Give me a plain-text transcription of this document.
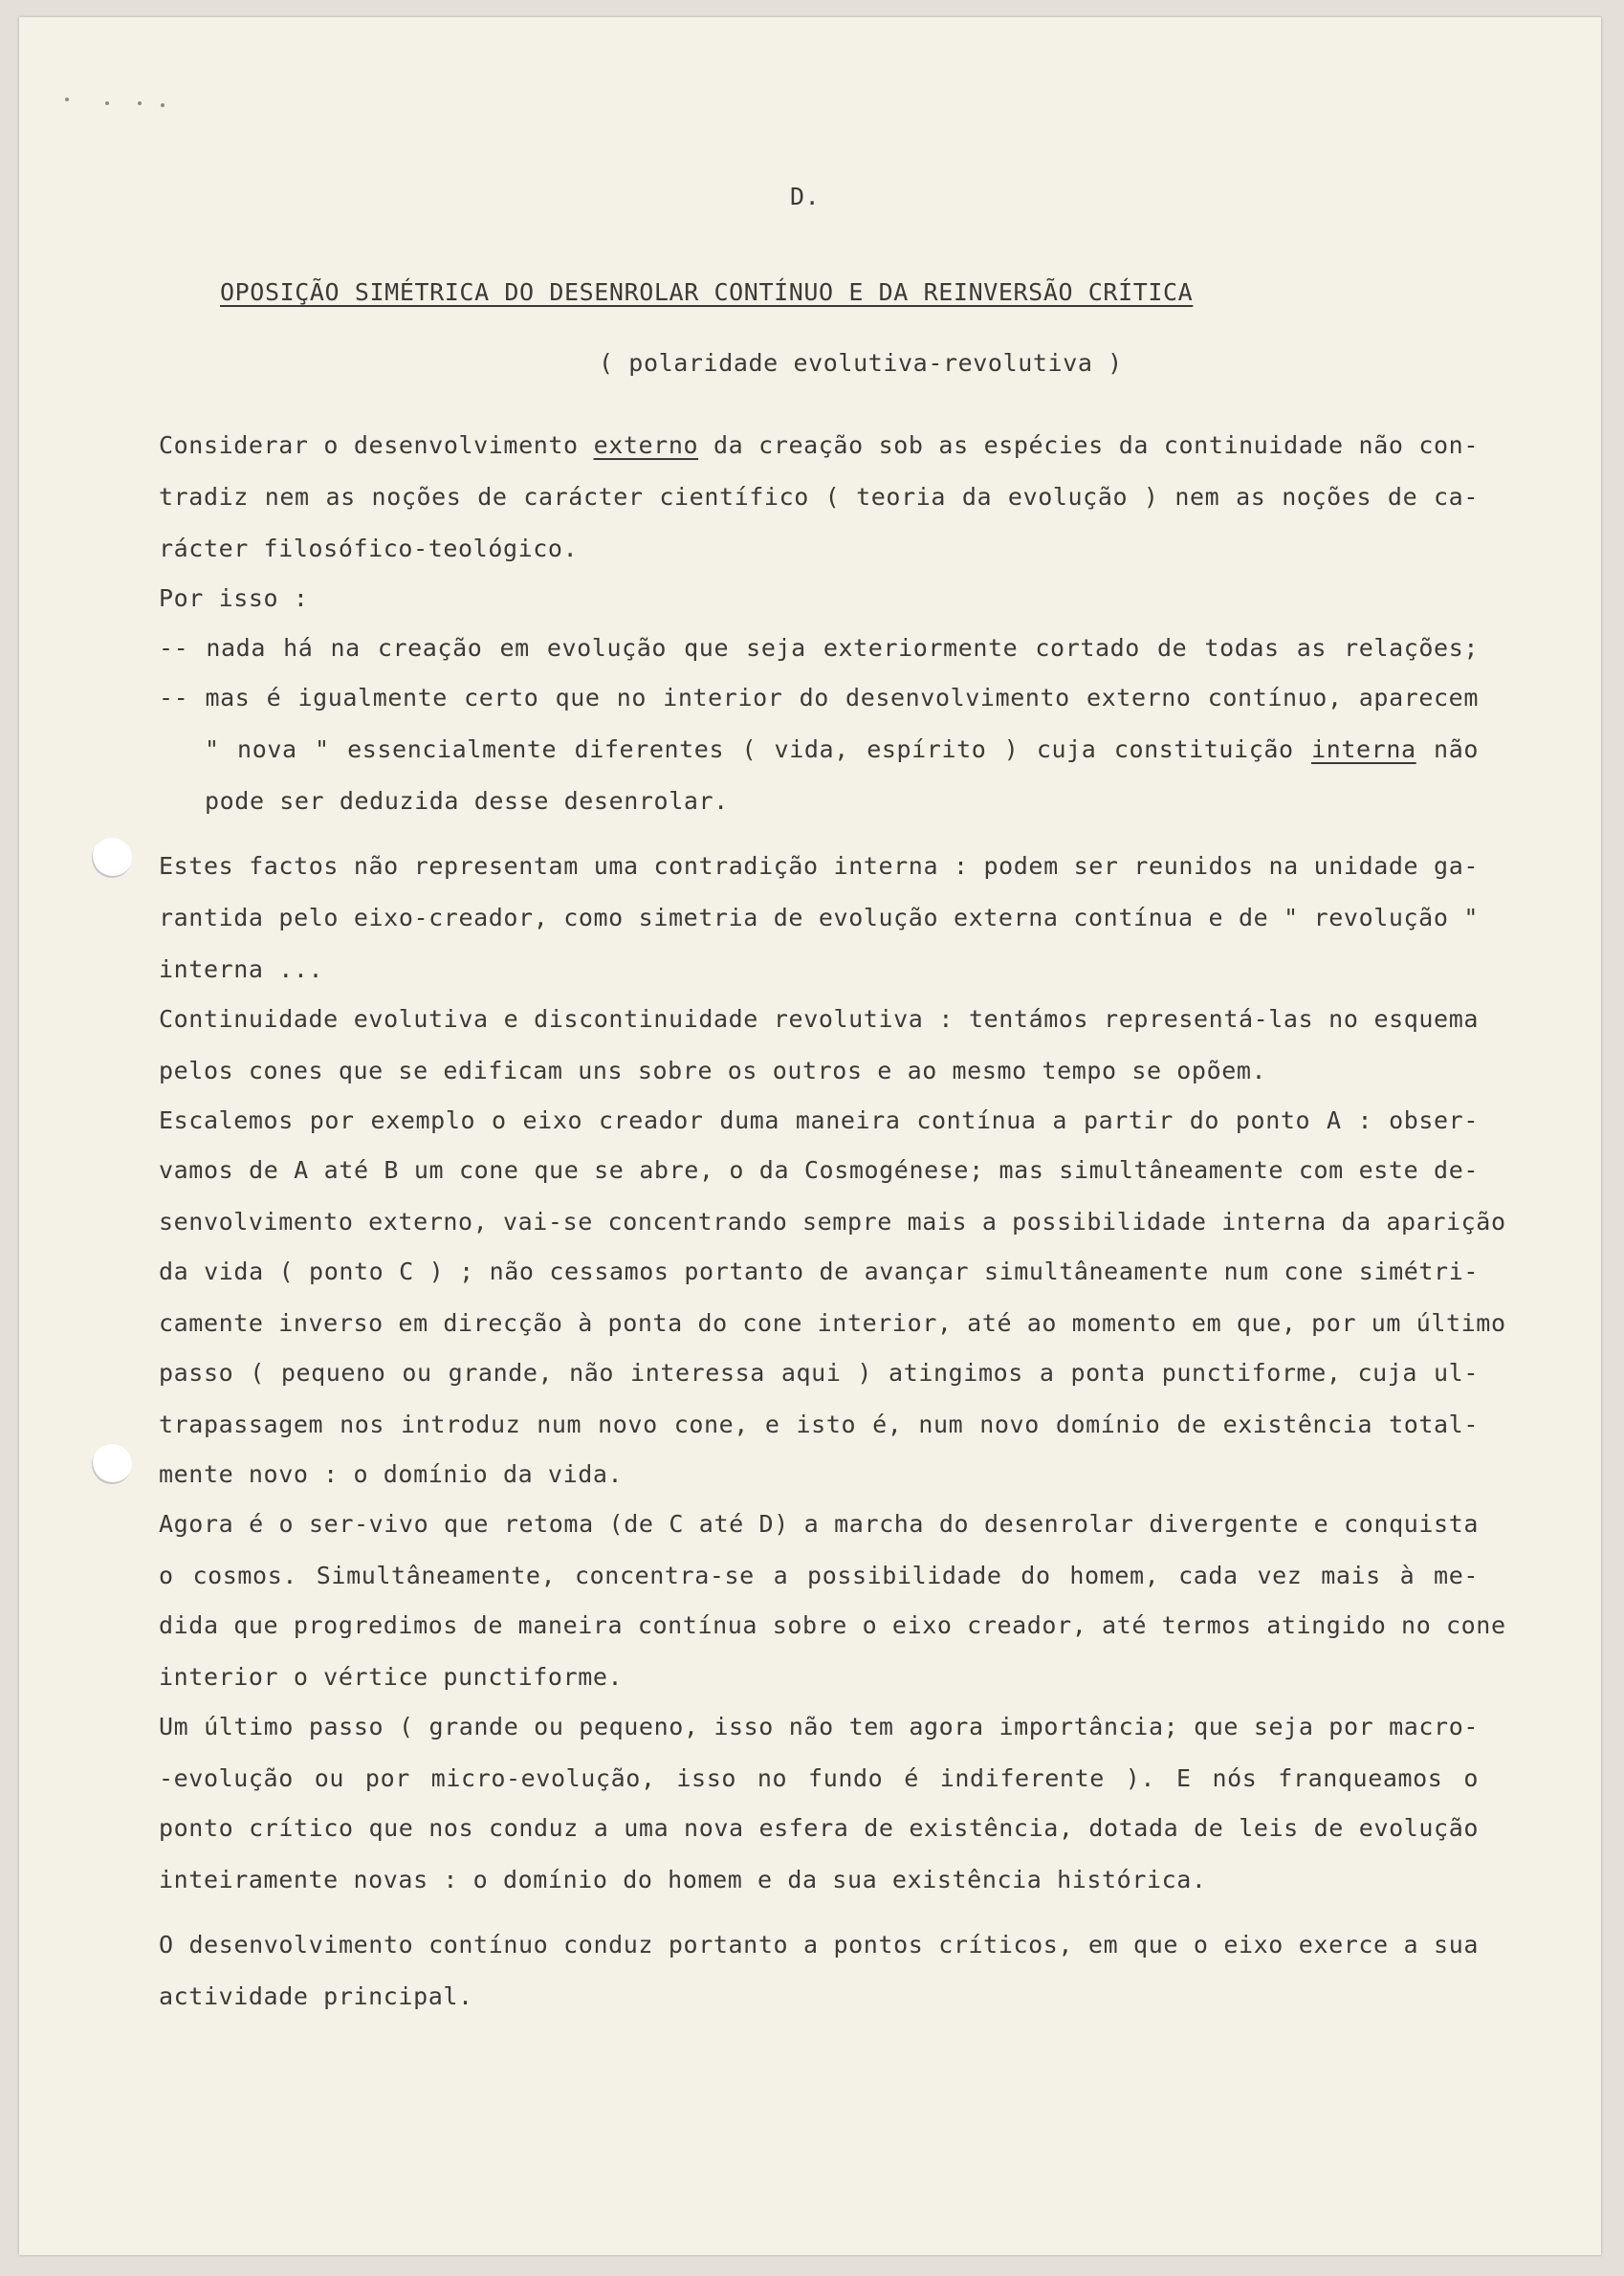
D.

OPOSIÇÃO SIMÉTRICA DO DESENROLAR CONTÍNUO E DA REINVERSÃO CRÍTICA

( polaridade evolutiva-revolutiva )

Considerar o desenvolvimento externo da creação sob as espécies da continuidade não con-

tradiz nem as noções de carácter científico ( teoria da evolução ) nem as noções de ca-

rácter filosófico-teológico.

Por isso :

-- nada há na creação em evolução que seja exteriormente cortado de todas as relações;

-- mas é igualmente certo que no interior do desenvolvimento externo contínuo, aparecem

" nova " essencialmente diferentes ( vida, espírito ) cuja constituição interna não

pode ser deduzida desse desenrolar.

Estes factos não representam uma contradição interna : podem ser reunidos na unidade ga-

rantida pelo eixo-creador, como simetria de evolução externa contínua e de " revolução "

interna ...

Continuidade evolutiva e discontinuidade revolutiva : tentámos representá-las no esquema

pelos cones que se edificam uns sobre os outros e ao mesmo tempo se opõem.

Escalemos por exemplo o eixo creador duma maneira contínua a partir do ponto A : obser-

vamos de A até B um cone que se abre, o da Cosmogénese; mas simultâneamente com este de-

senvolvimento externo, vai-se concentrando sempre mais a possibilidade interna da aparição

da vida ( ponto C ) ; não cessamos portanto de avançar simultâneamente num cone simétri-

camente inverso em direcção à ponta do cone interior, até ao momento em que, por um último

passo ( pequeno ou grande, não interessa aqui ) atingimos a ponta punctiforme, cuja ul-

trapassagem nos introduz num novo cone, e isto é, num novo domínio de existência total-

mente novo : o domínio da vida.

Agora é o ser-vivo que retoma (de C até D) a marcha do desenrolar divergente e conquista

o cosmos. Simultâneamente, concentra-se a possibilidade do homem, cada vez mais à me-

dida que progredimos de maneira contínua sobre o eixo creador, até termos atingido no cone

interior o vértice punctiforme.

Um último passo ( grande ou pequeno, isso não tem agora importância; que seja por macro-

-evolução ou por micro-evolução, isso no fundo é indiferente ). E nós franqueamos o

ponto crítico que nos conduz a uma nova esfera de existência, dotada de leis de evolução

inteiramente novas : o domínio do homem e da sua existência histórica.

O desenvolvimento contínuo conduz portanto a pontos críticos, em que o eixo exerce a sua

actividade principal.
